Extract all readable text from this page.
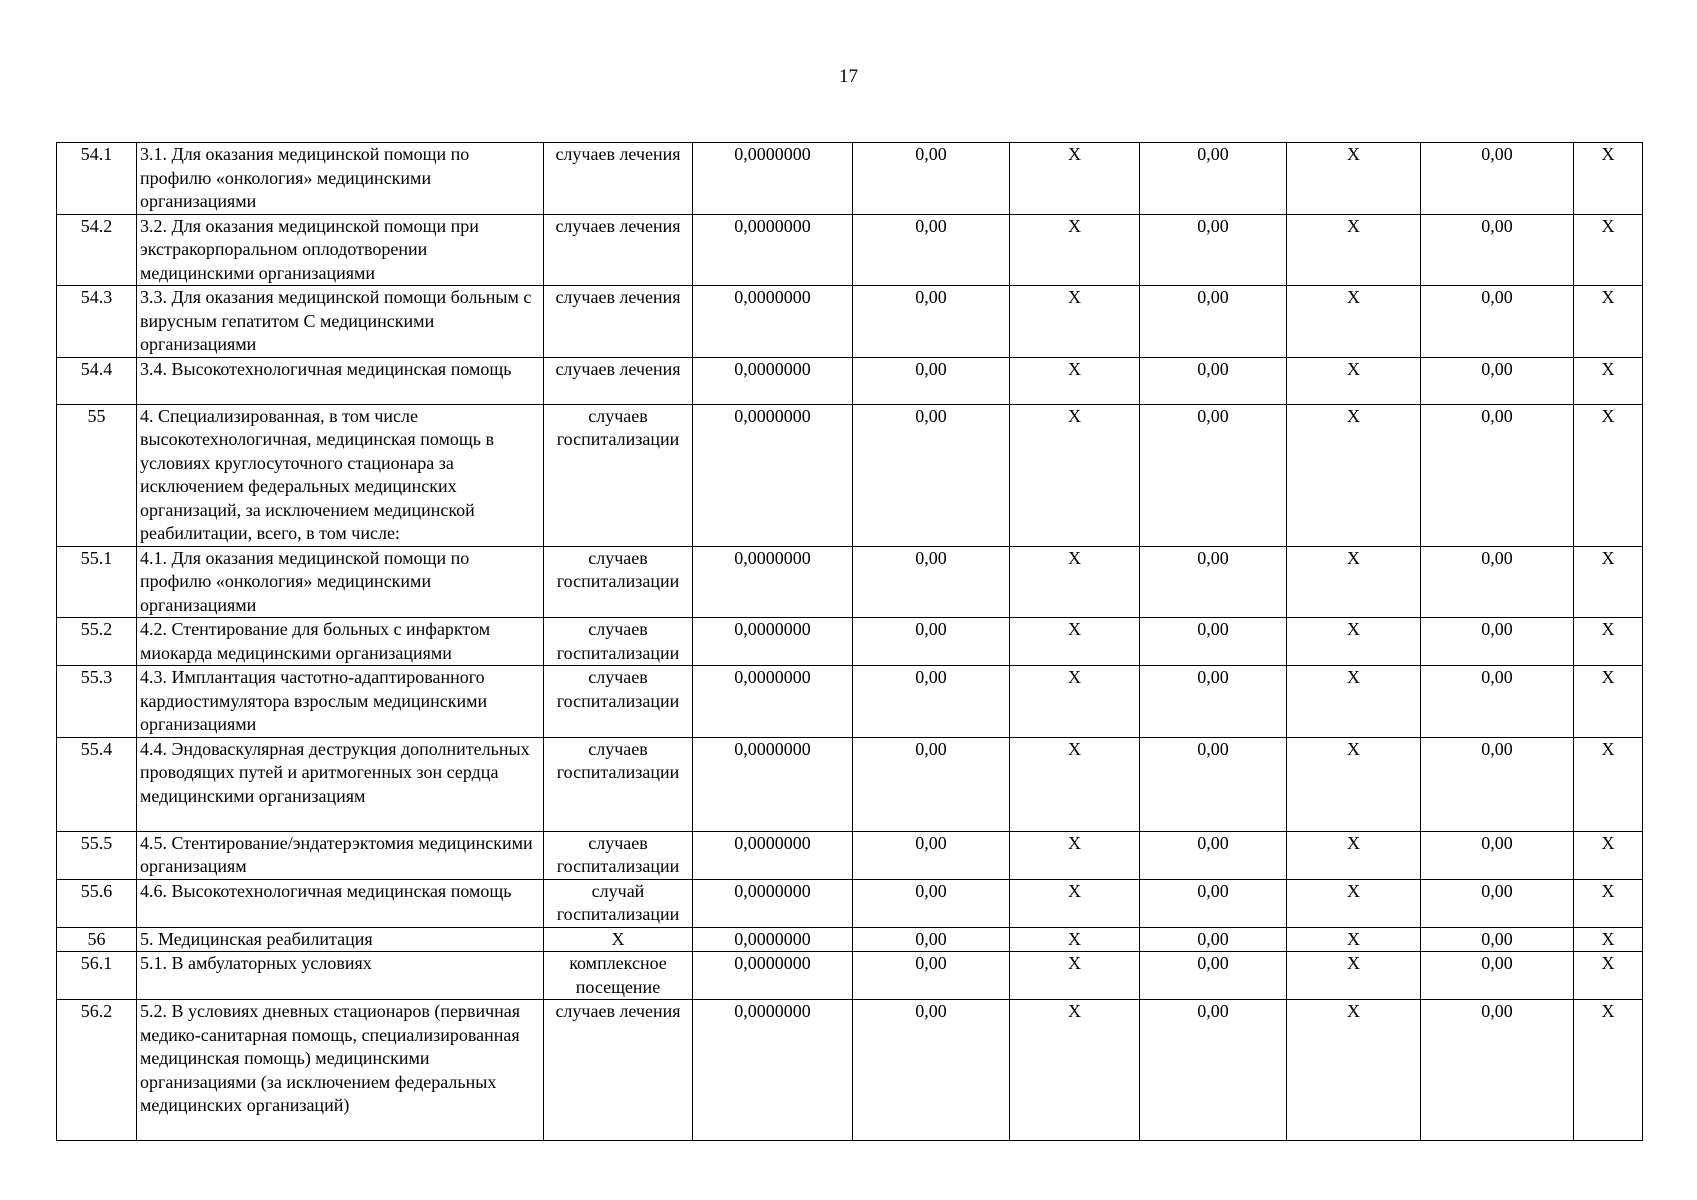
17
54.1	3.1. Для оказания медицинской помощи по профилю «онкология» медицинскими организациями	случаев лечения	0,0000000	0,00	X	0,00	X	0,00	X
54.2	3.2. Для оказания медицинской помощи при экстракорпоральном оплодотворении медицинскими организациями	случаев лечения	0,0000000	0,00	X	0,00	X	0,00	X
54.3	3.3. Для оказания медицинской помощи больным с вирусным гепатитом С медицинскими организациями	случаев лечения	0,0000000	0,00	X	0,00	X	0,00	X
54.4	3.4. Высокотехнологичная медицинская помощь	случаев лечения	0,0000000	0,00	X	0,00	X	0,00	X
55	4. Специализированная, в том числе высокотехнологичная, медицинская помощь в условиях круглосуточного стационара за исключением федеральных медицинских организаций, за исключением медицинской реабилитации, всего, в том числе:	случаев госпитализации	0,0000000	0,00	X	0,00	X	0,00	X
55.1	4.1. Для оказания медицинской помощи по профилю «онкология» медицинскими организациями	случаев госпитализации	0,0000000	0,00	X	0,00	X	0,00	X
55.2	4.2. Стентирование для больных с инфарктом миокарда медицинскими организациями	случаев госпитализации	0,0000000	0,00	X	0,00	X	0,00	X
55.3	4.3. Имплантация частотно-адаптированного кардиостимулятора взрослым медицинскими организациями	случаев госпитализации	0,0000000	0,00	X	0,00	X	0,00	X
55.4	4.4. Эндоваскулярная деструкция дополнительных проводящих путей и аритмогенных зон сердца медицинскими организациям	случаев госпитализации	0,0000000	0,00	X	0,00	X	0,00	X
55.5	4.5. Стентирование/эндатерэктомия медицинскими организациям	случаев госпитализации	0,0000000	0,00	X	0,00	X	0,00	X
55.6	4.6. Высокотехнологичная медицинская помощь	случай госпитализации	0,0000000	0,00	X	0,00	X	0,00	X
56	5. Медицинская реабилитация	X	0,0000000	0,00	X	0,00	X	0,00	X
56.1	5.1. В амбулаторных условиях	комплексное посещение	0,0000000	0,00	X	0,00	X	0,00	X
56.2	5.2. В условиях дневных стационаров (первичная медико-санитарная помощь, специализированная медицинская помощь) медицинскими организациями (за исключением федеральных медицинских организаций)	случаев лечения	0,0000000	0,00	X	0,00	X	0,00	X
